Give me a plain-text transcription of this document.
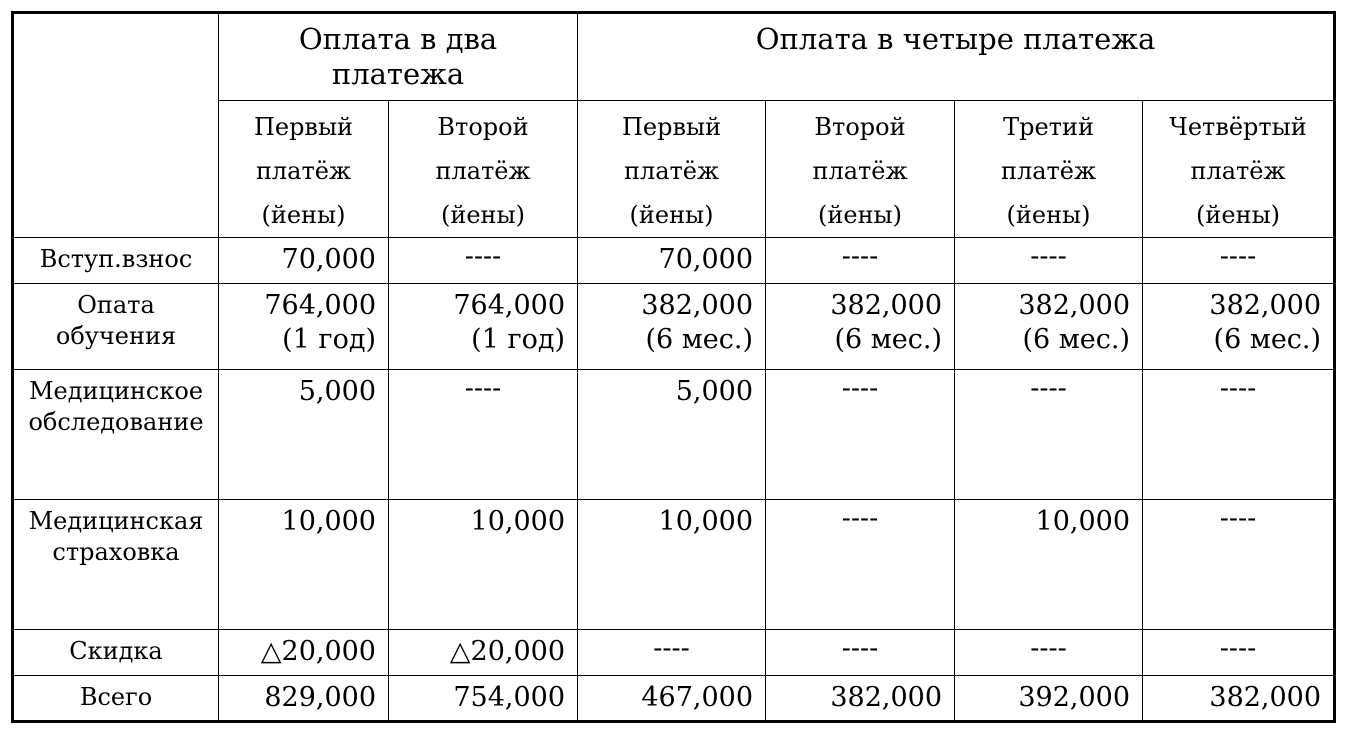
	Оплата в два
платежа		Оплата в четыре платежа			

	Первый
платёж
(йены)	Второй
платёж
(йены)	Первый
платёж
(йены)	Второй
платёж
(йены)	Третий
платёж
(йены)	Четвёртый
платёж
(йены)

Вступ.взнос	70,000	----	70,000	----	----	----

Опата
обучения	764,000
(1 год)	764,000
(1 год)	382,000
(6 мес.)	382,000
(6 мес.)	382,000
(6 мес.)	382,000
(6 мес.)

Медицинское
обследование	5,000	----	5,000	----	----	----

Медицинская
страховка	10,000	10,000	10,000	----	10,000	----

Скидка	△20,000	△20,000	----	----	----	----

Всего	829,000	754,000	467,000	382,000	392,000	382,000
